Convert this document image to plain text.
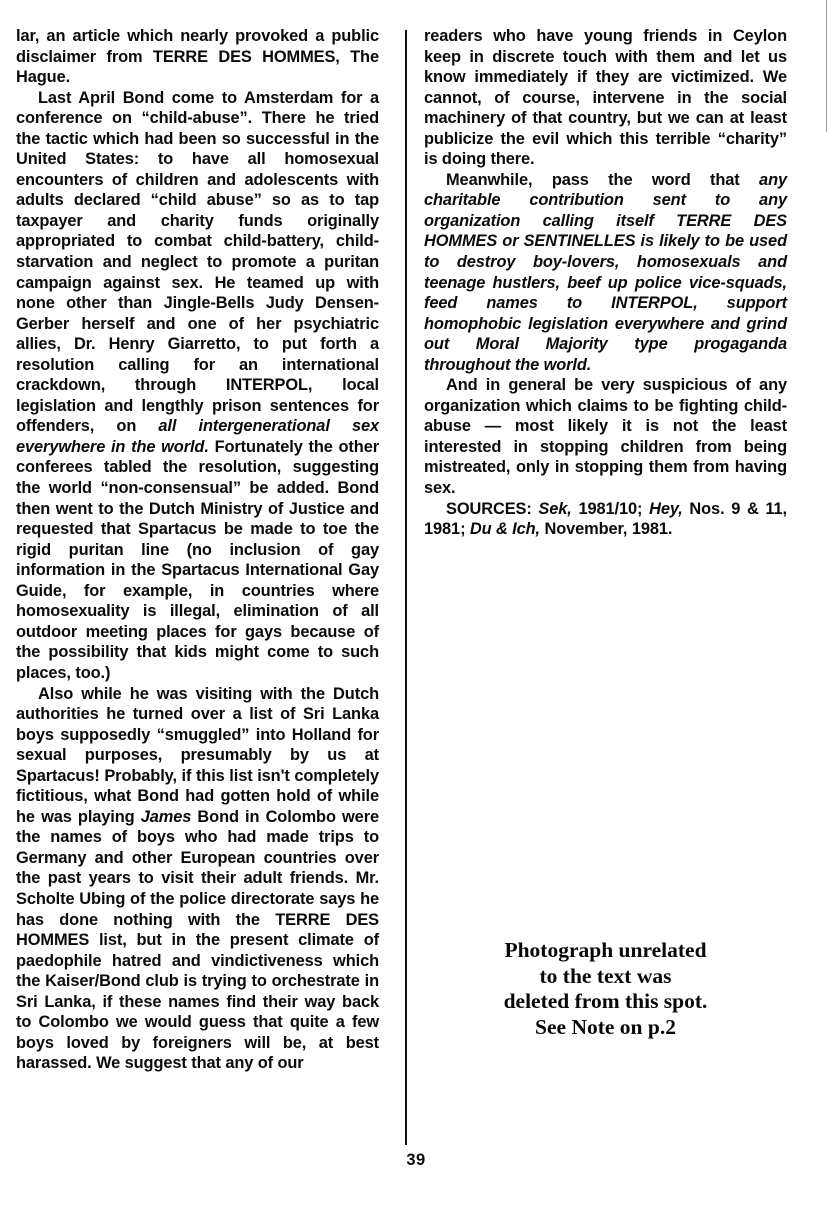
lar, an article which nearly provoked a public disclaimer from TERRE DES HOMMES, The Hague.

Last April Bond come to Amsterdam for a conference on “child-abuse”. There he tried the tactic which had been so successful in the United States: to have all homosexual encounters of children and adolescents with adults declared “child abuse” so as to tap taxpayer and charity funds originally appropriated to combat child-battery, child-starvation and neglect to promote a puritan campaign against sex. He teamed up with none other than Jingle-Bells Judy Densen-Gerber herself and one of her psychiatric allies, Dr. Henry Giarretto, to put forth a resolution calling for an international crackdown, through INTERPOL, local legislation and lengthly prison sentences for offenders, on all intergenerational sex everywhere in the world. Fortunately the other conferees tabled the resolution, suggesting the world “non-consensual” be added. Bond then went to the Dutch Ministry of Justice and requested that Spartacus be made to toe the rigid puritan line (no inclusion of gay information in the Spartacus International Gay Guide, for example, in countries where homosexuality is illegal, elimination of all outdoor meeting places for gays because of the possibility that kids might come to such places, too.)

Also while he was visiting with the Dutch authorities he turned over a list of Sri Lanka boys supposedly “smuggled” into Holland for sexual purposes, presumably by us at Spartacus! Probably, if this list isn't completely fictitious, what Bond had gotten hold of while he was playing James Bond in Colombo were the names of boys who had made trips to Germany and other European countries over the past years to visit their adult friends. Mr. Scholte Ubing of the police directorate says he has done nothing with the TERRE DES HOMMES list, but in the present climate of paedophile hatred and vindictiveness which the Kaiser/Bond club is trying to orchestrate in Sri Lanka, if these names find their way back to Colombo we would guess that quite a few boys loved by foreigners will be, at best harassed. We suggest that any of our

readers who have young friends in Ceylon keep in discrete touch with them and let us know immediately if they are victimized. We cannot, of course, intervene in the social machinery of that country, but we can at least publicize the evil which this terrible “charity” is doing there.

Meanwhile, pass the word that any charitable contribution sent to any organization calling itself TERRE DES HOMMES or SENTINELLES is likely to be used to destroy boy-lovers, homosexuals and teenage hustlers, beef up police vice-squads, feed names to INTERPOL, support homophobic legislation everywhere and grind out Moral Majority type progaganda throughout the world.

And in general be very suspicious of any organization which claims to be fighting child-abuse — most likely it is not the least interested in stopping children from being mistreated, only in stopping them from having sex.

SOURCES: Sek, 1981/10; Hey, Nos. 9 & 11, 1981; Du & Ich, November, 1981.

Photograph unrelated
to the text was
deleted from this spot.
See Note on p.2
39
